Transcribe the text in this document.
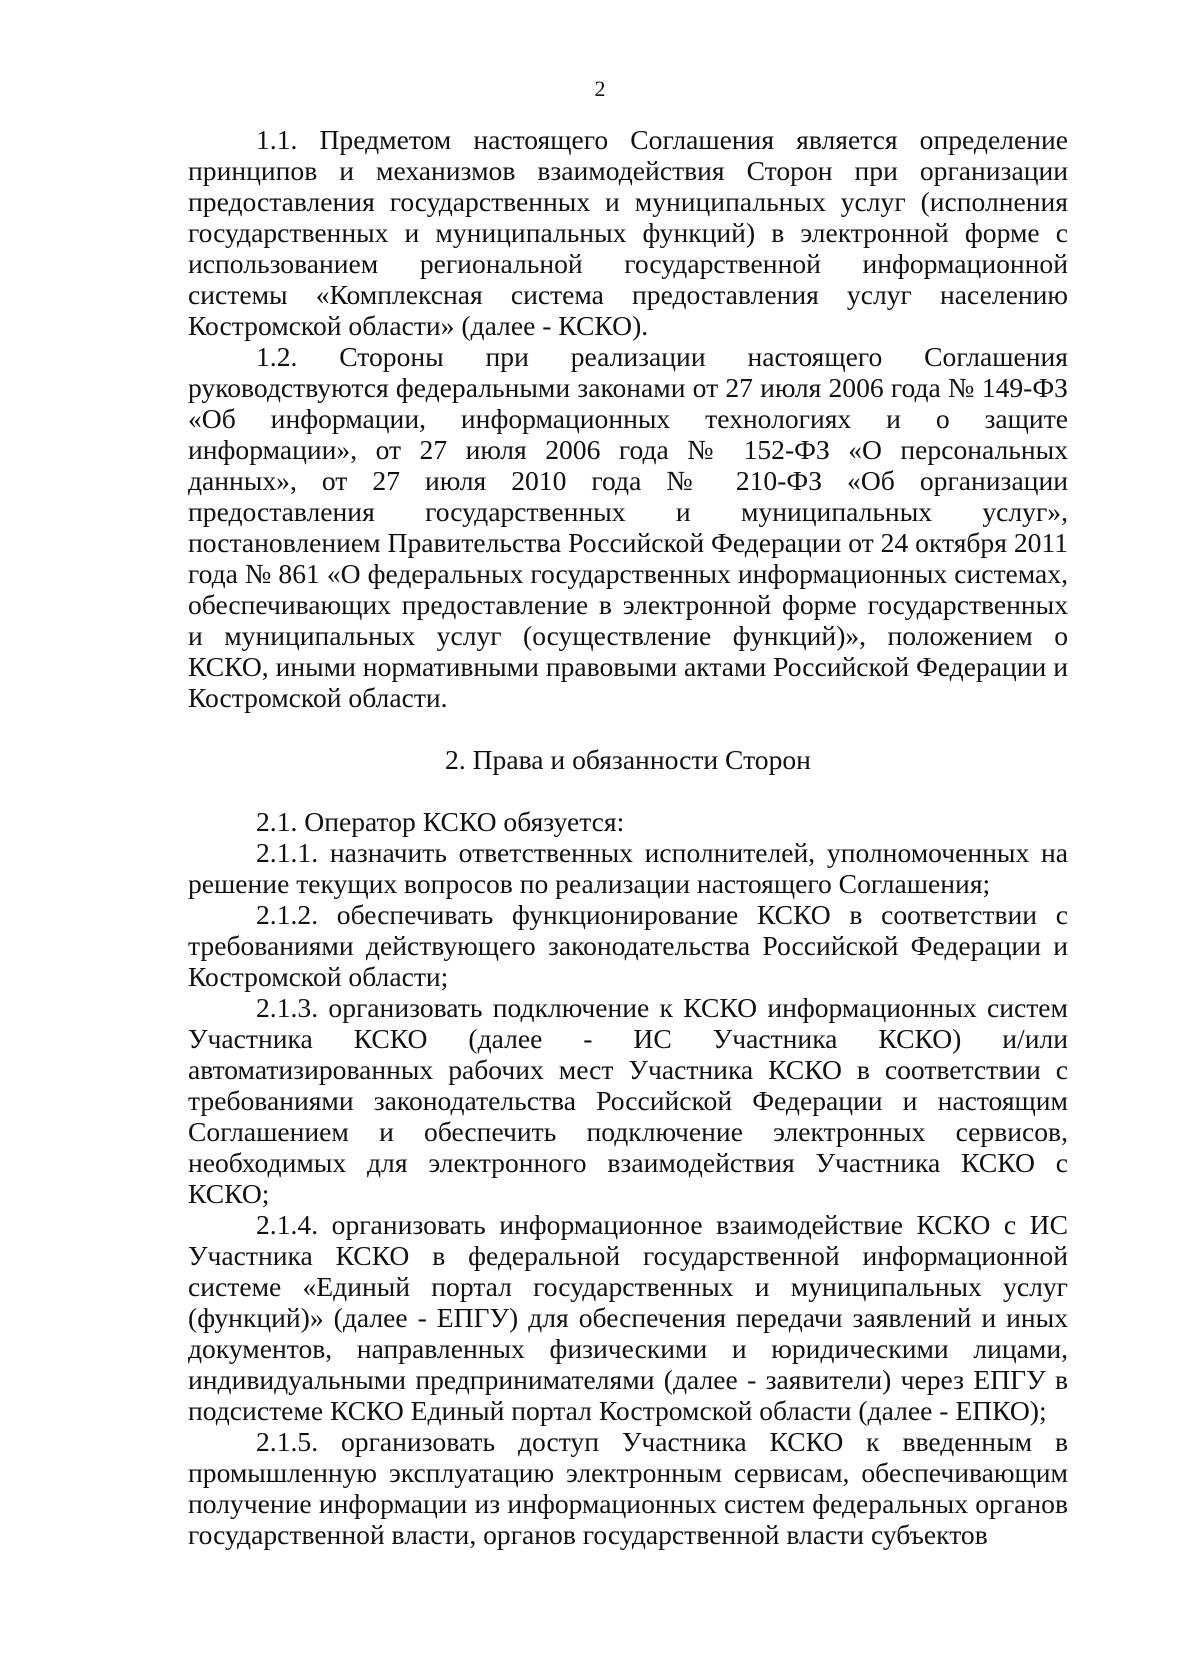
2

1.1. Предметом настоящего Соглашения является определение принципов и механизмов взаимодействия Сторон при организации предоставления государственных и муниципальных услуг (исполнения государственных и муниципальных функций) в электронной форме с использованием региональной государственной информационной системы «Комплексная система предоставления услуг населению Костромской области» (далее - КСКО).

1.2. Стороны при реализации настоящего Соглашения руководствуются федеральными законами от 27 июля 2006 года № 149-ФЗ «Об информации, информационных технологиях и о защите информации», от 27 июля 2006 года № 152-ФЗ «О персональных данных», от 27 июля 2010 года № 210-ФЗ «Об организации предоставления государственных и муниципальных услуг», постановлением Правительства Российской Федерации от 24 октября 2011 года № 861 «О федеральных государственных информационных системах, обеспечивающих предоставление в электронной форме государственных и муниципальных услуг (осуществление функций)», положением о КСКО, иными нормативными правовыми актами Российской Федерации и Костромской области.

2. Права и обязанности Сторон

2.1. Оператор КСКО обязуется:

2.1.1. назначить ответственных исполнителей, уполномоченных на решение текущих вопросов по реализации настоящего Соглашения;

2.1.2. обеспечивать функционирование КСКО в соответствии с требованиями действующего законодательства Российской Федерации и Костромской области;

2.1.3. организовать подключение к КСКО информационных систем Участника КСКО (далее - ИС Участника КСКО) и/или автоматизированных рабочих мест Участника КСКО в соответствии с требованиями законодательства Российской Федерации и настоящим Соглашением и обеспечить подключение электронных сервисов, необходимых для электронного взаимодействия Участника КСКО с КСКО;

2.1.4. организовать информационное взаимодействие КСКО с ИС Участника КСКО в федеральной государственной информационной системе «Единый портал государственных и муниципальных услуг (функций)» (далее - ЕПГУ) для обеспечения передачи заявлений и иных документов, направленных физическими и юридическими лицами, индивидуальными предпринимателями (далее - заявители) через ЕПГУ в подсистеме КСКО Единый портал Костромской области (далее - ЕПКО);

2.1.5. организовать доступ Участника КСКО к введенным в промышленную эксплуатацию электронным сервисам, обеспечивающим получение информации из информационных систем федеральных органов государственной власти, органов государственной власти субъектов
